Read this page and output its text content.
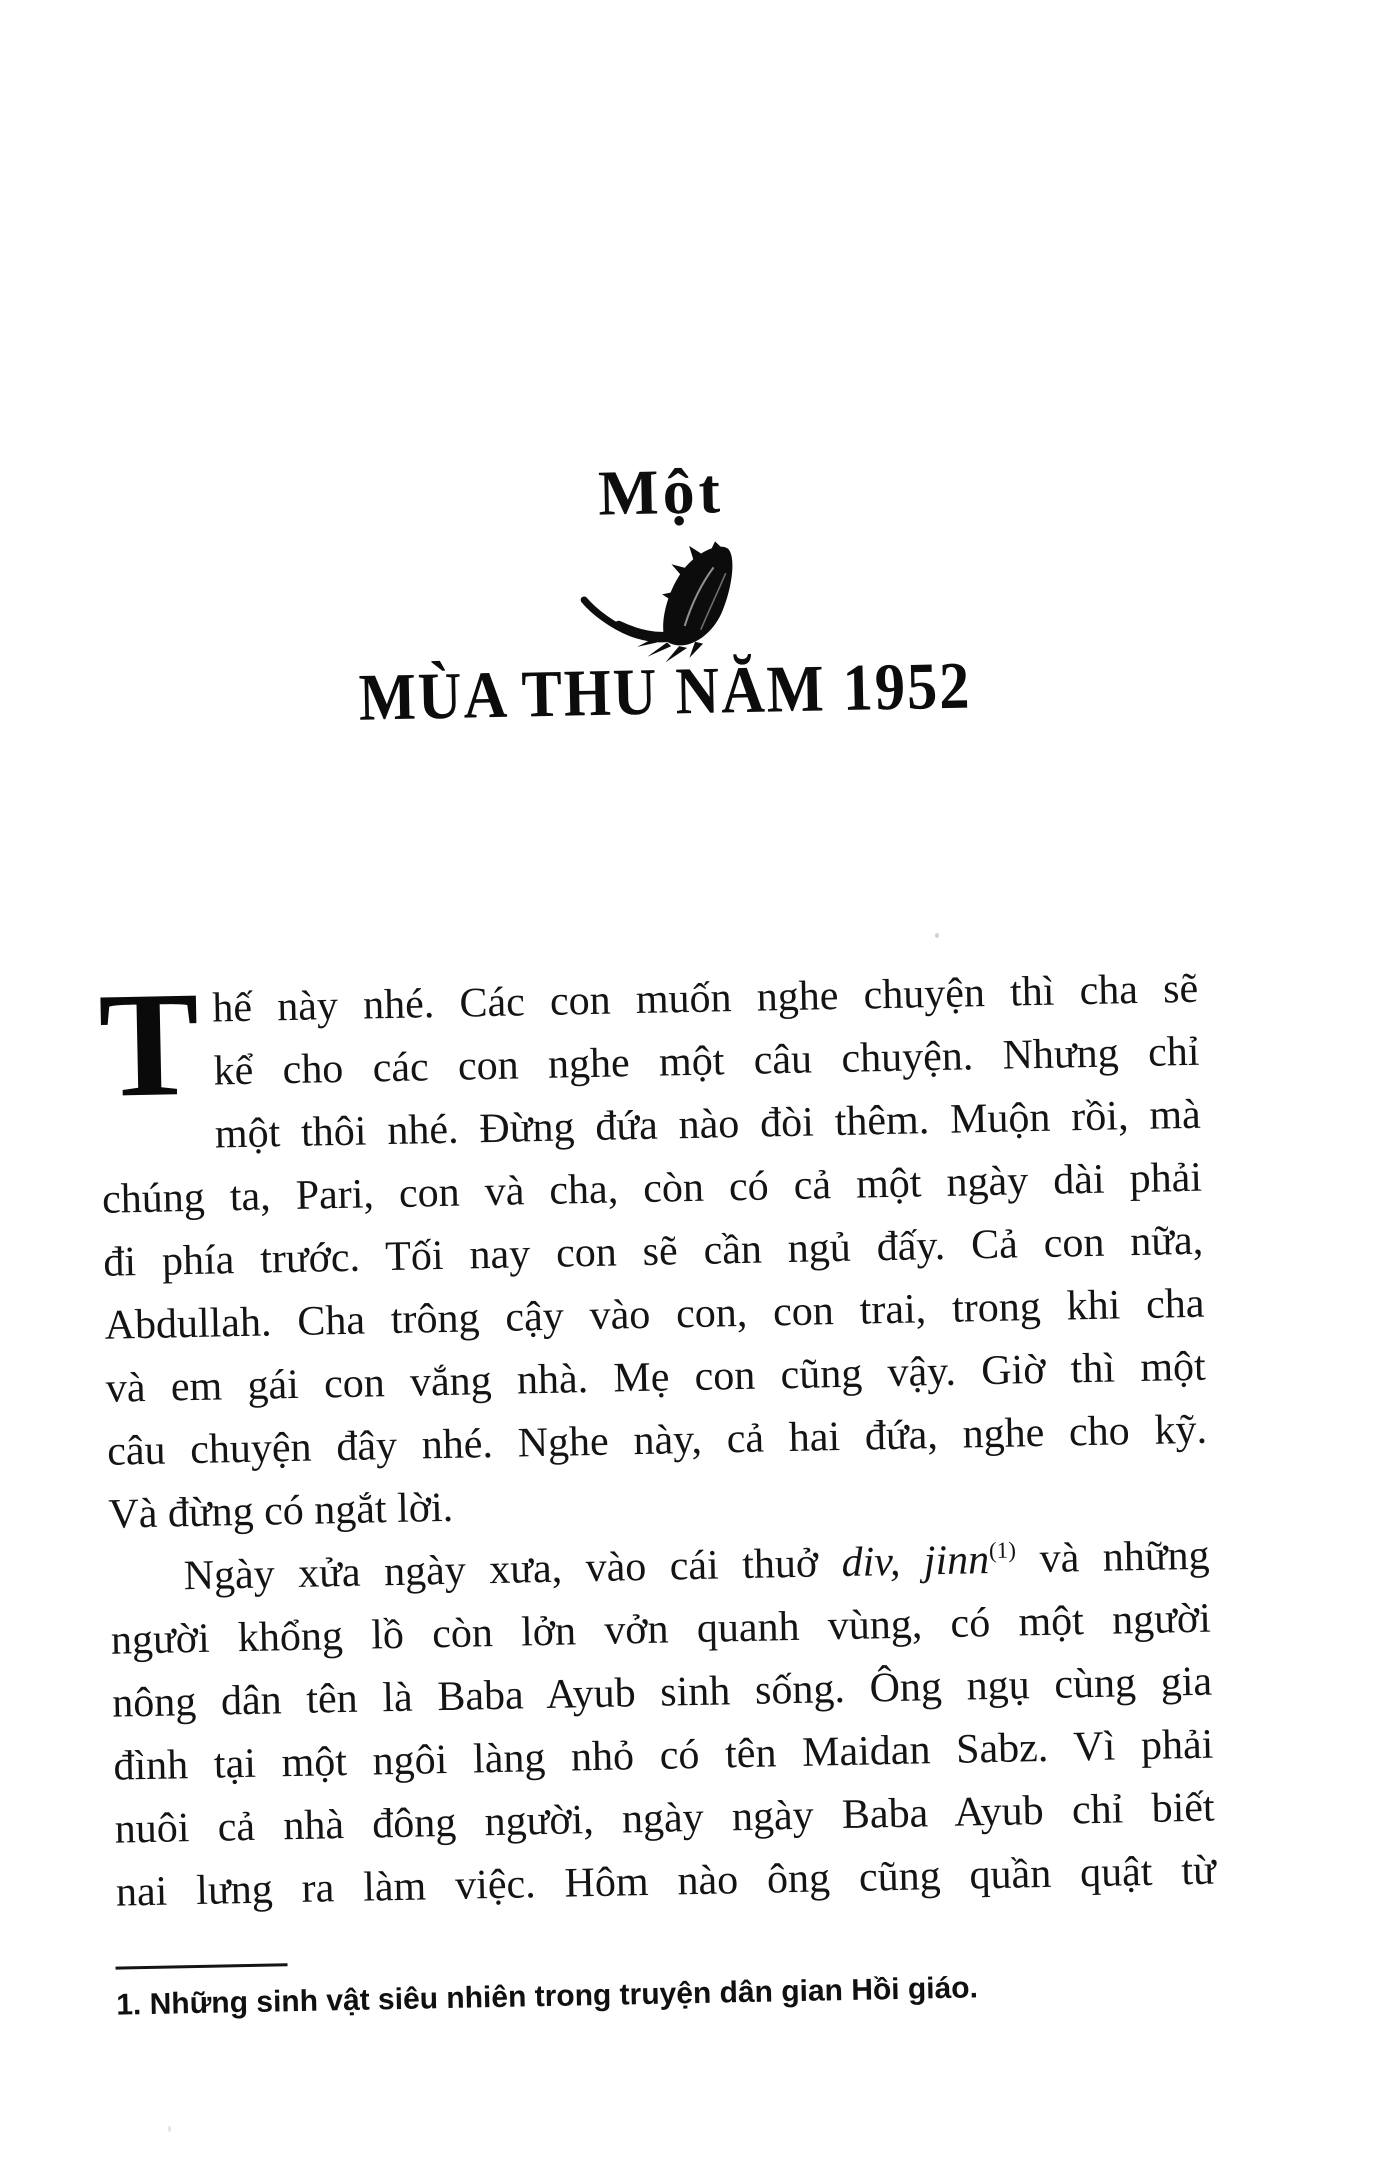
Một
MÙA THU NĂM 1952
T hế này nhé. Các con muốn nghe chuyện thì cha sẽ
kể cho các con nghe một câu chuyện. Nhưng chỉ
một thôi nhé. Đừng đứa nào đòi thêm. Muộn rồi, mà
chúng ta, Pari, con và cha, còn có cả một ngày dài phải
đi phía trước. Tối nay con sẽ cần ngủ đấy. Cả con nữa,
Abdullah. Cha trông cậy vào con, con trai, trong khi cha
và em gái con vắng nhà. Mẹ con cũng vậy. Giờ thì một
câu chuyện đây nhé. Nghe này, cả hai đứa, nghe cho kỹ.
Và đừng có ngắt lời.
Ngày xửa ngày xưa, vào cái thuở div, jinn$^{(1)}$ và những
người khổng lồ còn lởn vởn quanh vùng, có một người
nông dân tên là Baba Ayub sinh sống. Ông ngụ cùng gia
đình tại một ngôi làng nhỏ có tên Maidan Sabz. Vì phải
nuôi cả nhà đông người, ngày ngày Baba Ayub chỉ biết
nai lưng ra làm việc. Hôm nào ông cũng quần quật từ
1. Những sinh vật siêu nhiên trong truyện dân gian Hồi giáo.
